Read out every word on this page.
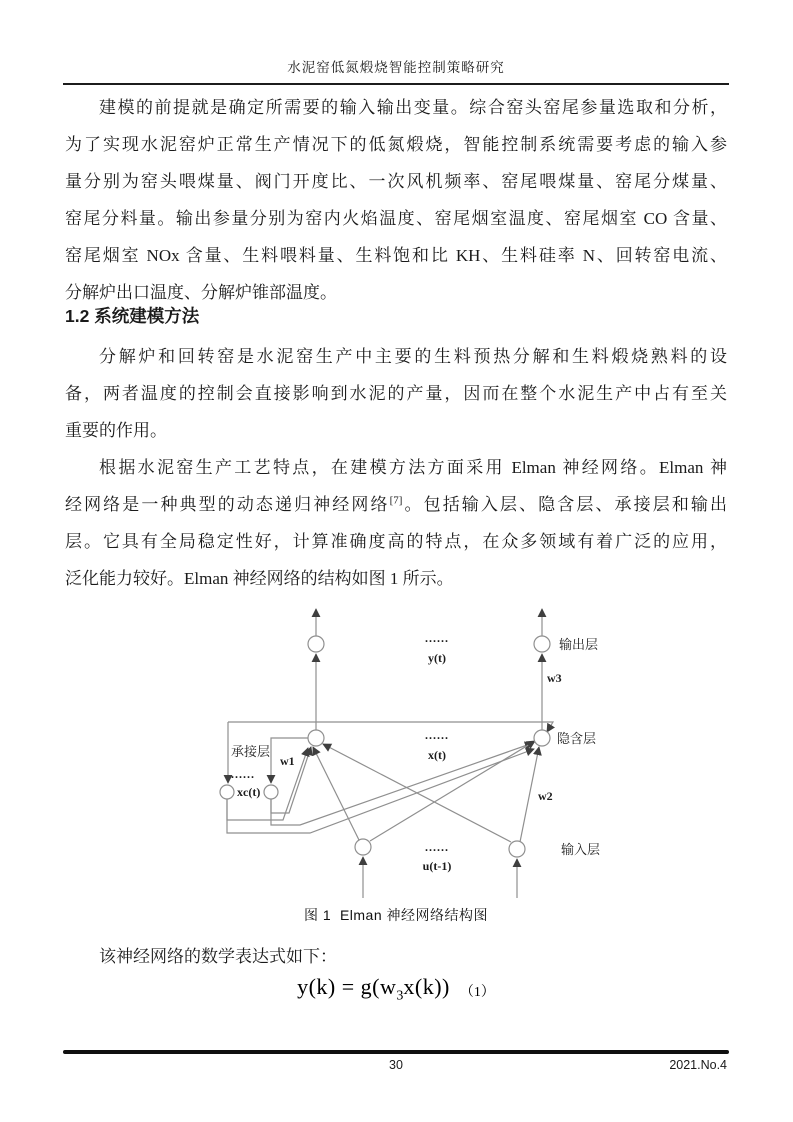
水泥窑低氮煅烧智能控制策略研究
建模的前提就是确定所需要的输入输出变量。综合窑头窑尾参量选取和分析，
为了实现水泥窑炉正常生产情况下的低氮煅烧，智能控制系统需要考虑的输入参
量分别为窑头喂煤量、阀门开度比、一次风机频率、窑尾喂煤量、窑尾分煤量、
窑尾分料量。输出参量分别为窑内火焰温度、窑尾烟室温度、窑尾烟室 CO 含量、
窑尾烟室 NOx 含量、生料喂料量、生料饱和比 KH、生料硅率 N、回转窑电流、
分解炉出口温度、分解炉锥部温度。
1.2 系统建模方法
分解炉和回转窑是水泥窑生产中主要的生料预热分解和生料煅烧熟料的设
备，两者温度的控制会直接影响到水泥的产量，因而在整个水泥生产中占有至关
重要的作用。
根据水泥窑生产工艺特点，在建模方法方面采用 Elman 神经网络。Elman 神
经网络是一种典型的动态递归神经网络[7]。包括输入层、隐含层、承接层和输出
层。它具有全局稳定性好，计算准确度高的特点，在众多领域有着广泛的应用，
泛化能力较好。Elman 神经网络的结构如图 1 所示。
......
y(t)
输出层
w3
......
x(t)
隐含层
承接层
......
xc(t)
w1
w2
......
u(t-1)
输入层
图 1  Elman 神经网络结构图
该神经网络的数学表达式如下：
$y(k) = g(w_3x(k))$ （1）
30	2021.No.4
